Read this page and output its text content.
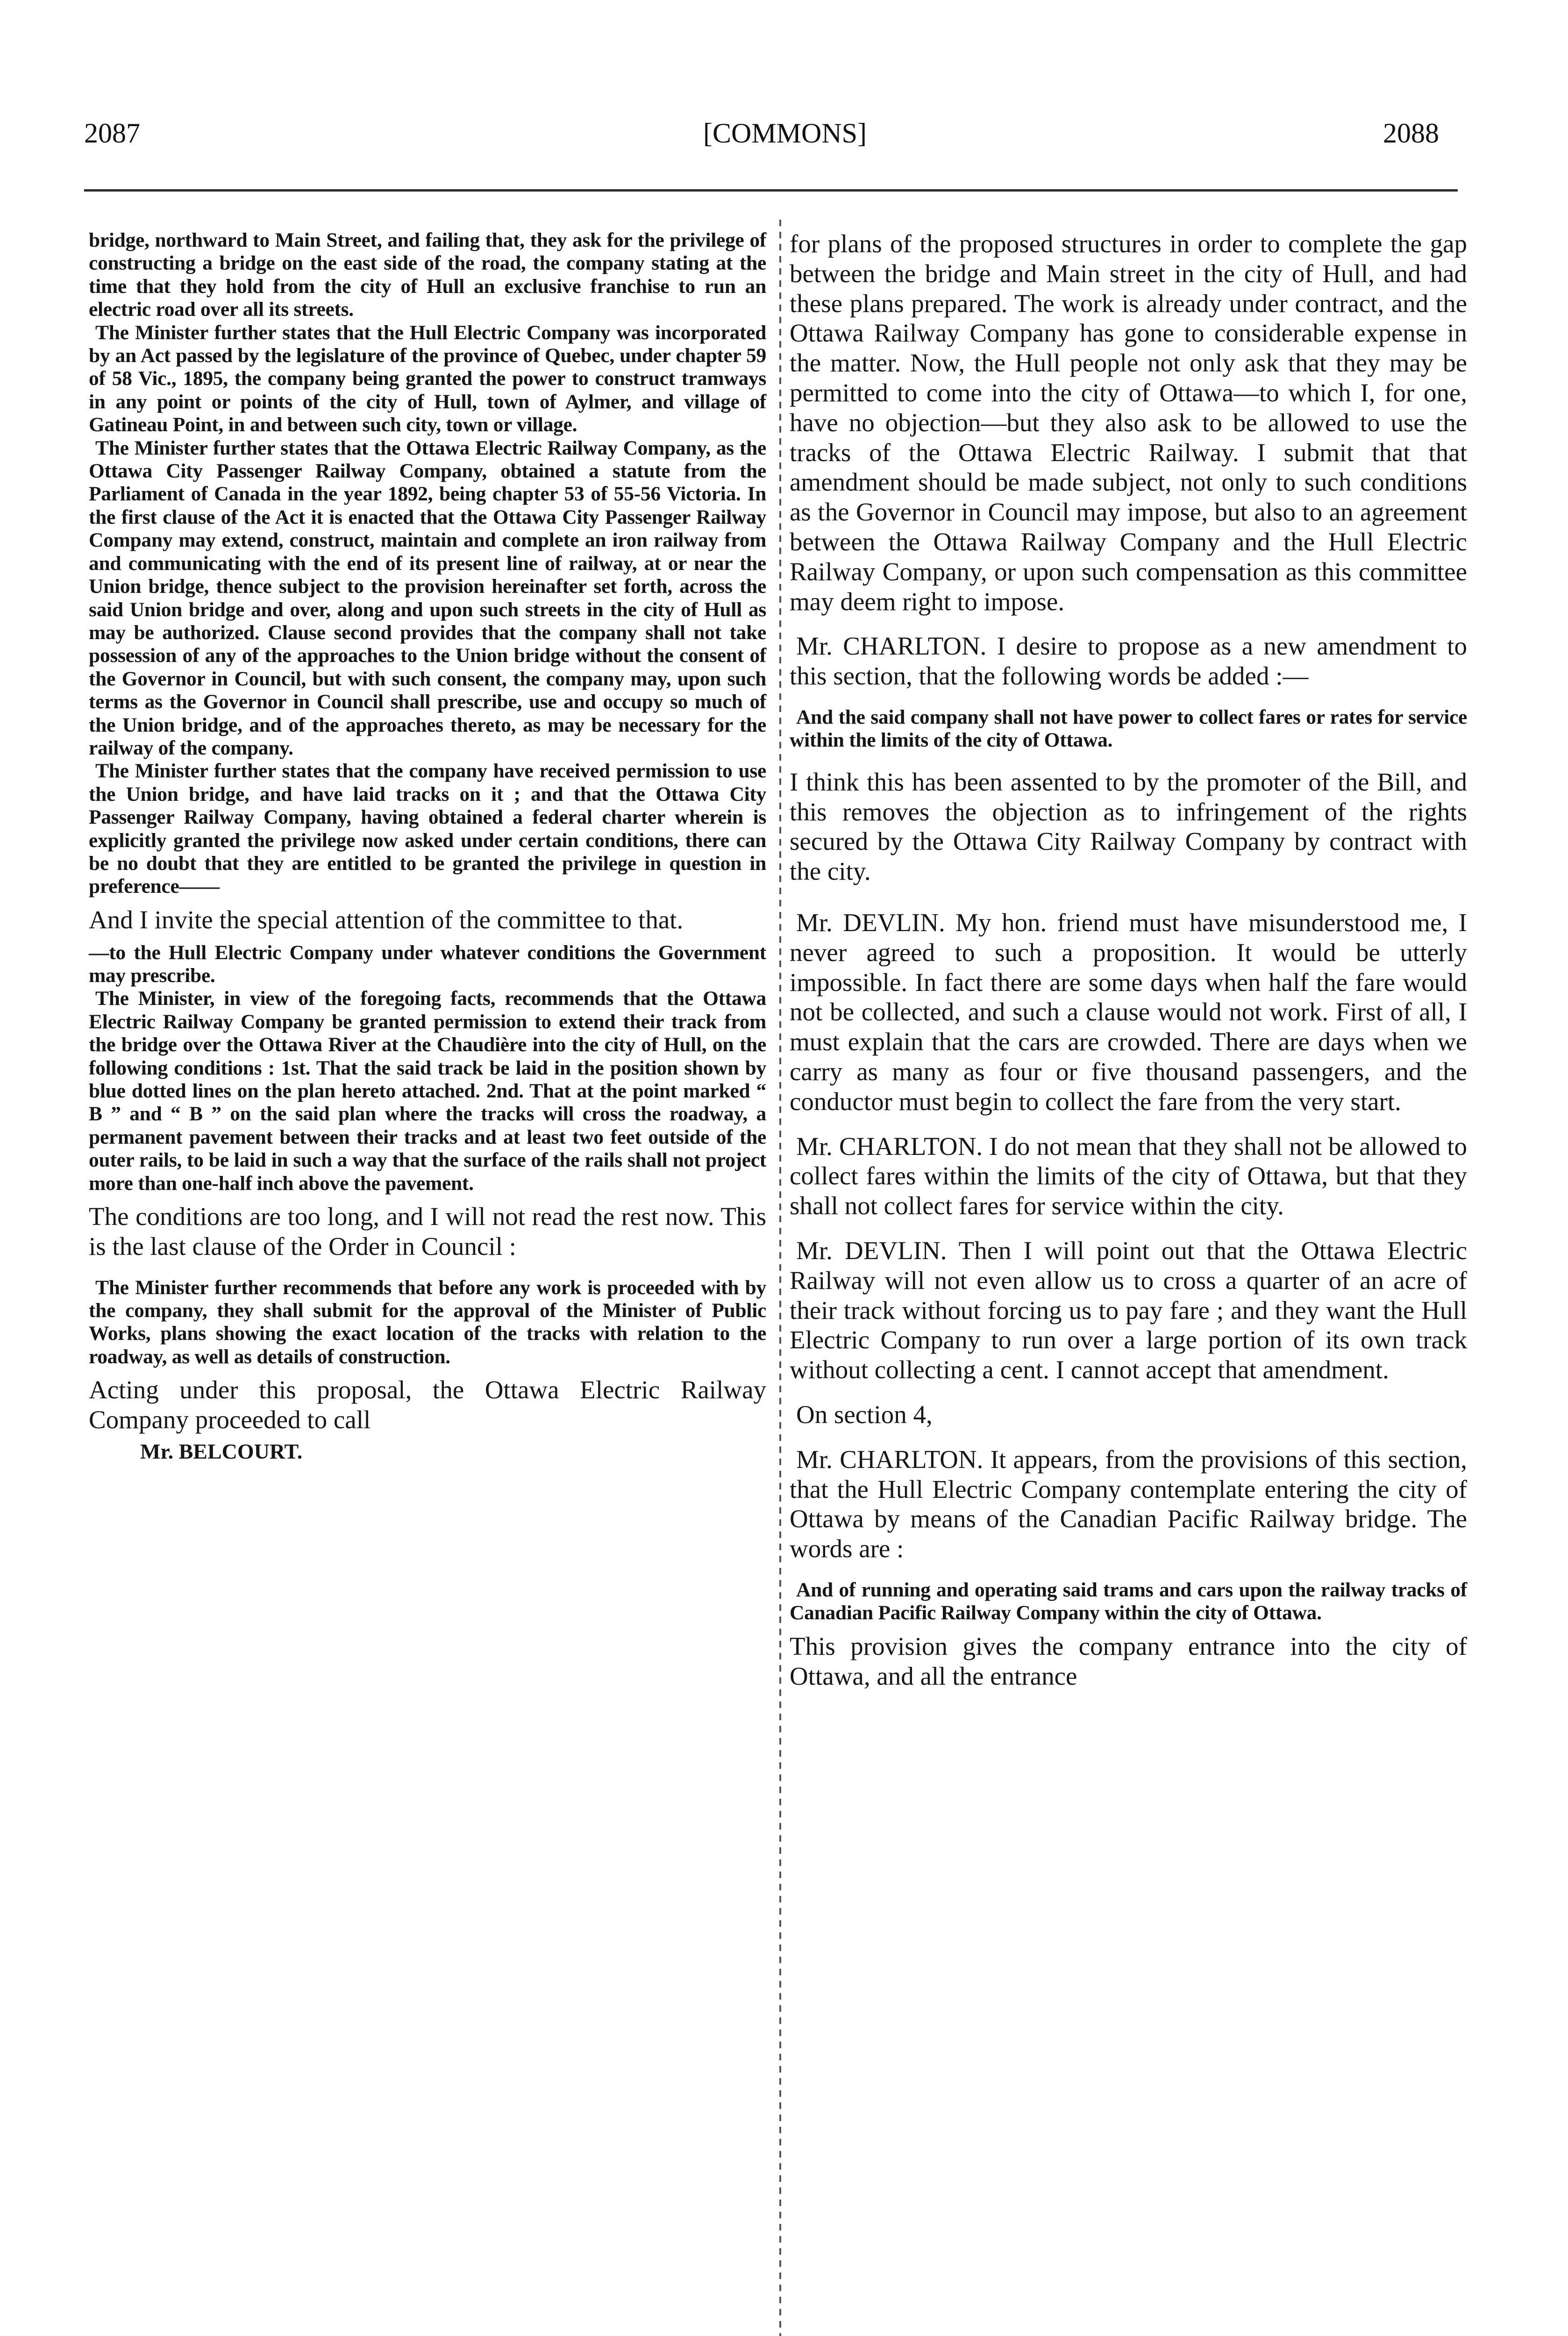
2087	[COMMONS]	2088

bridge, northward to Main Street, and failing that, they ask for the privilege of constructing a bridge on the east side of the road, the company stating at the time that they hold from the city of Hull an exclusive franchise to run an electric road over all its streets.

The Minister further states that the Hull Electric Company was incorporated by an Act passed by the legislature of the province of Quebec, under chapter 59 of 58 Vic., 1895, the company being granted the power to construct tramways in any point or points of the city of Hull, town of Aylmer, and village of Gatineau Point, in and between such city, town or village.

The Minister further states that the Ottawa Electric Railway Company, as the Ottawa City Passenger Railway Company, obtained a statute from the Parliament of Canada in the year 1892, being chapter 53 of 55-56 Victoria. In the first clause of the Act it is enacted that the Ottawa City Passenger Railway Company may extend, construct, maintain and complete an iron railway from and communicating with the end of its present line of railway, at or near the Union bridge, thence subject to the provision hereinafter set forth, across the said Union bridge and over, along and upon such streets in the city of Hull as may be authorized. Clause second provides that the company shall not take possession of any of the approaches to the Union bridge without the consent of the Governor in Council, but with such consent, the company may, upon such terms as the Governor in Council shall prescribe, use and occupy so much of the Union bridge, and of the approaches thereto, as may be necessary for the railway of the company.

The Minister further states that the company have received permission to use the Union bridge, and have laid tracks on it ; and that the Ottawa City Passenger Railway Company, having obtained a federal charter wherein is explicitly granted the privilege now asked under certain conditions, there can be no doubt that they are entitled to be granted the privilege in question in preference——

And I invite the special attention of the committee to that.

—to the Hull Electric Company under whatever conditions the Government may prescribe.

The Minister, in view of the foregoing facts, recommends that the Ottawa Electric Railway Company be granted permission to extend their track from the bridge over the Ottawa River at the Chaudière into the city of Hull, on the following conditions : 1st. That the said track be laid in the position shown by blue dotted lines on the plan hereto attached. 2nd. That at the point marked “ B ” and “ B ” on the said plan where the tracks will cross the roadway, a permanent pavement between their tracks and at least two feet outside of the outer rails, to be laid in such a way that the surface of the rails shall not project more than one-half inch above the pavement.

The conditions are too long, and I will not read the rest now. This is the last clause of the Order in Council :

The Minister further recommends that before any work is proceeded with by the company, they shall submit for the approval of the Minister of Public Works, plans showing the exact location of the tracks with relation to the roadway, as well as details of construction.

Acting under this proposal, the Ottawa Electric Railway Company proceeded to call

Mr. BELCOURT.

for plans of the proposed structures in order to complete the gap between the bridge and Main street in the city of Hull, and had these plans prepared. The work is already under contract, and the Ottawa Railway Company has gone to considerable expense in the matter. Now, the Hull people not only ask that they may be permitted to come into the city of Ottawa—to which I, for one, have no objection—but they also ask to be allowed to use the tracks of the Ottawa Electric Railway. I submit that that amendment should be made subject, not only to such conditions as the Governor in Council may impose, but also to an agreement between the Ottawa Railway Company and the Hull Electric Railway Company, or upon such compensation as this committee may deem right to impose.

Mr. CHARLTON. I desire to propose as a new amendment to this section, that the following words be added :—

And the said company shall not have power to collect fares or rates for service within the limits of the city of Ottawa.

I think this has been assented to by the promoter of the Bill, and this removes the objection as to infringement of the rights secured by the Ottawa City Railway Company by contract with the city.

Mr. DEVLIN. My hon. friend must have misunderstood me, I never agreed to such a proposition. It would be utterly impossible. In fact there are some days when half the fare would not be collected, and such a clause would not work. First of all, I must explain that the cars are crowded. There are days when we carry as many as four or five thousand passengers, and the conductor must begin to collect the fare from the very start.

Mr. CHARLTON. I do not mean that they shall not be allowed to collect fares within the limits of the city of Ottawa, but that they shall not collect fares for service within the city.

Mr. DEVLIN. Then I will point out that the Ottawa Electric Railway will not even allow us to cross a quarter of an acre of their track without forcing us to pay fare ; and they want the Hull Electric Company to run over a large portion of its own track without collecting a cent. I cannot accept that amendment.

On section 4,

Mr. CHARLTON. It appears, from the provisions of this section, that the Hull Electric Company contemplate entering the city of Ottawa by means of the Canadian Pacific Railway bridge. The words are :

And of running and operating said trams and cars upon the railway tracks of Canadian Pacific Railway Company within the city of Ottawa.

This provision gives the company entrance into the city of Ottawa, and all the entrance
